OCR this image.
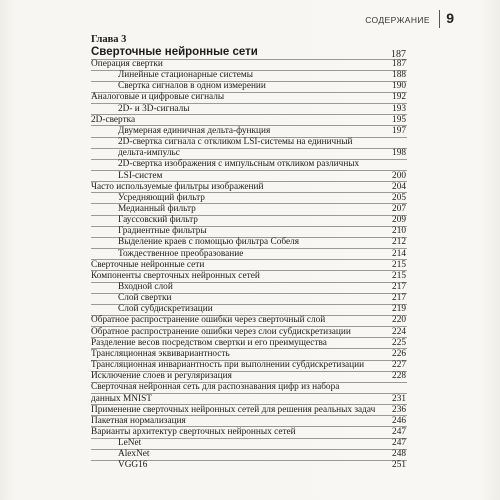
СОДЕРЖАНИЕ 9
Глава 3
Сверточные нейронные сети	187
Операция свертки	187
Линейные стационарные системы	188
Свертка сигналов в одном измерении	190
Аналоговые и цифровые сигналы	192
2D- и 3D-сигналы	193
2D-свертка	195
Двумерная единичная дельта-функция	197
2D-свертка сигнала с откликом LSI-системы на единичный
дельта-импульс	198
2D-свертка изображения с импульсным откликом различных
LSI-систем	200
Часто используемые фильтры изображений	204
Усредняющий фильтр	205
Медианный фильтр	207
Гауссовский фильтр	209
Градиентные фильтры	210
Выделение краев с помощью фильтра Собеля	212
Тождественное преобразование	214
Сверточные нейронные сети	215
Компоненты сверточных нейронных сетей	215
Входной слой	217
Слой свертки	217
Слой субдискретизации	219
Обратное распространение ошибки через сверточный слой	220
Обратное распространение ошибки через слои субдискретизации	224
Разделение весов посредством свертки и его преимущества	225
Трансляционная эквивариантность	226
Трансляционная инвариантность при выполнении субдискретизации	227
Исключение слоев и регуляризация	228
Сверточная нейронная сеть для распознавания цифр из набора
данных MNIST	231
Применение сверточных нейронных сетей для решения реальных задач 236
Пакетная нормализация	246
Варианты архитектур сверточных нейронных сетей	247
LeNet	247
AlexNet	248
VGG16	251
